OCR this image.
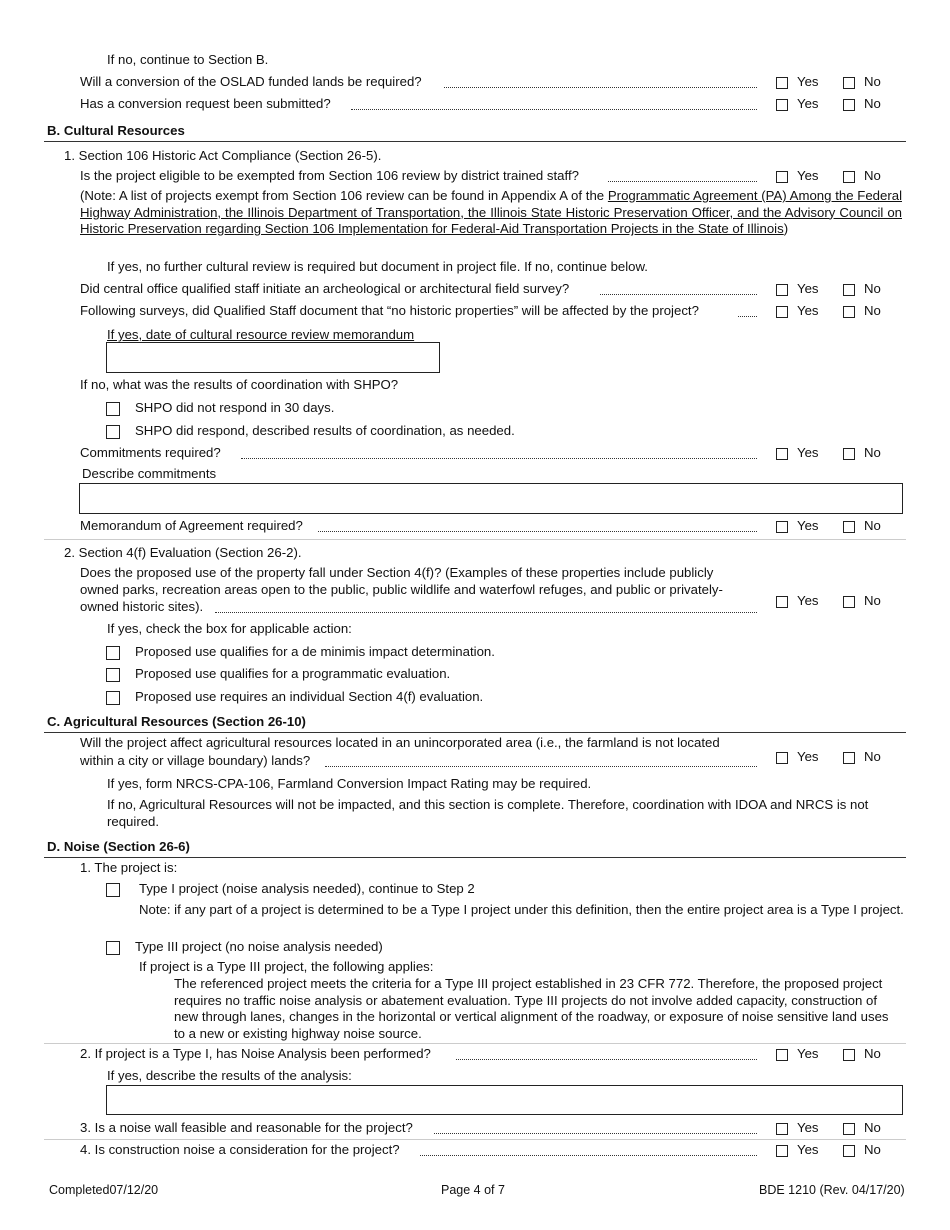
If no, continue to Section B.
Will a conversion of the OSLAD funded lands be required?	Yes	No
Has a conversion request been submitted?	Yes	No
B. Cultural Resources
1. Section 106 Historic Act Compliance (Section 26-5).
Is the project eligible to be exempted from Section 106 review by district trained staff?	Yes	No
(Note: A list of projects exempt from Section 106 review can be found in Appendix A of the Programmatic Agreement (PA) Among the Federal Highway Administration, the Illinois Department of Transportation, the Illinois State Historic Preservation Officer, and the Advisory Council on Historic Preservation regarding Section 106 Implementation for Federal-Aid Transportation Projects in the State of Illinois)
If yes, no further cultural review is required but document in project file. If no, continue below.
Did central office qualified staff initiate an archeological or architectural field survey?	Yes	No
Following surveys, did Qualified Staff document that “no historic properties” will be affected by the project?	Yes	No
If yes, date of cultural resource review memorandum
If no, what was the results of coordination with SHPO?
SHPO did not respond in 30 days.
SHPO did respond, described results of coordination, as needed.
Commitments required?	Yes	No
Describe commitments
Memorandum of Agreement required?	Yes	No
2. Section 4(f) Evaluation (Section 26-2).
Does the proposed use of the property fall under Section 4(f)? (Examples of these properties include publicly
owned parks, recreation areas open to the public, public wildlife and waterfowl refuges, and public or privately-
owned historic sites).	Yes	No
If yes, check the box for applicable action:
Proposed use qualifies for a de minimis impact determination.
Proposed use qualifies for a programmatic evaluation.
Proposed use requires an individual Section 4(f) evaluation.
C. Agricultural Resources (Section 26-10)
Will the project affect agricultural resources located in an unincorporated area (i.e., the farmland is not located
within a city or village boundary) lands?	Yes	No
If yes, form NRCS-CPA-106, Farmland Conversion Impact Rating may be required.
If no, Agricultural Resources will not be impacted, and this section is complete. Therefore, coordination with IDOA and NRCS is not required.
D. Noise (Section 26-6)
1. The project is:
Type I project (noise analysis needed), continue to Step 2
Note: if any part of a project is determined to be a Type I project under this definition, then the entire project area is a Type I project.
Type III project (no noise analysis needed)
If project is a Type III project, the following applies:
The referenced project meets the criteria for a Type III project established in 23 CFR 772. Therefore, the proposed project requires no traffic noise analysis or abatement evaluation. Type III projects do not involve added capacity, construction of new through lanes, changes in the horizontal or vertical alignment of the roadway, or exposure of noise sensitive land uses to a new or existing highway noise source.
2. If project is a Type I, has Noise Analysis been performed?	Yes	No
If yes, describe the results of the analysis:
3. Is a noise wall feasible and reasonable for the project?	Yes	No
4. Is construction noise a consideration for the project?	Yes	No
Completed07/12/20	Page 4 of 7	BDE 1210 (Rev. 04/17/20)
